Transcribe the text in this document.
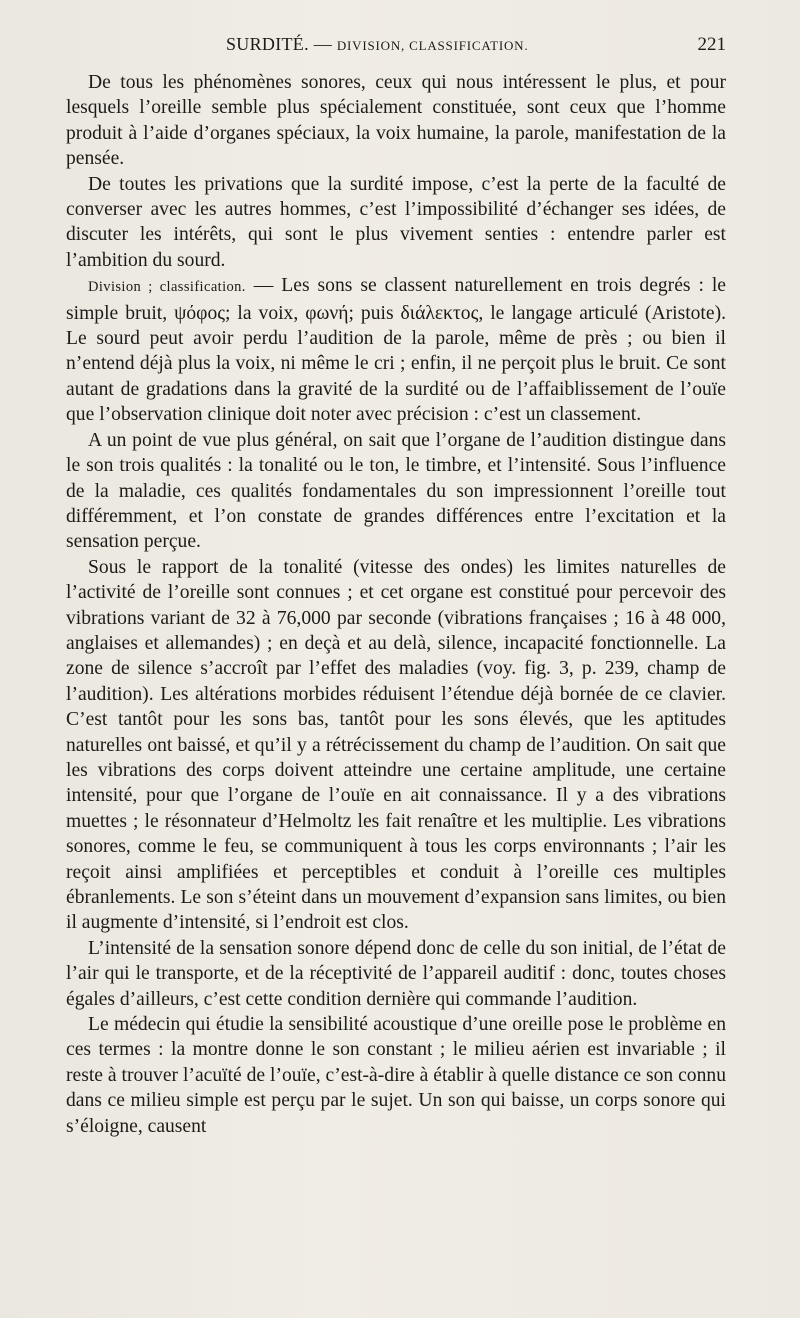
SURDITÉ. — DIVISION, CLASSIFICATION.	221

De tous les phénomènes sonores, ceux qui nous intéressent le plus, et pour lesquels l’oreille semble plus spécialement constituée, sont ceux que l’homme produit à l’aide d’organes spéciaux, la voix humaine, la parole, manifestation de la pensée.

De toutes les privations que la surdité impose, c’est la perte de la faculté de converser avec les autres hommes, c’est l’impossibilité d’échanger ses idées, de discuter les intérêts, qui sont le plus vivement senties : entendre parler est l’ambition du sourd.

Division ; classification. — Les sons se classent naturellement en trois degrés : le simple bruit, ψόφος; la voix, φωνή; puis διάλεκτος, le langage articulé (Aristote). Le sourd peut avoir perdu l’audition de la parole, même de près ; ou bien il n’entend déjà plus la voix, ni même le cri ; enfin, il ne perçoit plus le bruit. Ce sont autant de gradations dans la gravité de la surdité ou de l’affaiblissement de l’ouïe que l’observation clinique doit noter avec précision : c’est un classement.

A un point de vue plus général, on sait que l’organe de l’audition distingue dans le son trois qualités : la tonalité ou le ton, le timbre, et l’intensité. Sous l’influence de la maladie, ces qualités fondamentales du son impressionnent l’oreille tout différemment, et l’on constate de grandes différences entre l’excitation et la sensation perçue.

Sous le rapport de la tonalité (vitesse des ondes) les limites naturelles de l’activité de l’oreille sont connues ; et cet organe est constitué pour percevoir des vibrations variant de 32 à 76,000 par seconde (vibrations françaises ; 16 à 48 000, anglaises et allemandes) ; en deçà et au delà, silence, incapacité fonctionnelle. La zone de silence s’accroît par l’effet des maladies (voy. fig. 3, p. 239, champ de l’audition). Les altérations morbides réduisent l’étendue déjà bornée de ce clavier. C’est tantôt pour les sons bas, tantôt pour les sons élevés, que les aptitudes naturelles ont baissé, et qu’il y a rétrécissement du champ de l’audition. On sait que les vibrations des corps doivent atteindre une certaine amplitude, une certaine intensité, pour que l’organe de l’ouïe en ait connaissance. Il y a des vibrations muettes ; le résonnateur d’Helmoltz les fait renaître et les multiplie. Les vibrations sonores, comme le feu, se communiquent à tous les corps environnants ; l’air les reçoit ainsi amplifiées et perceptibles et conduit à l’oreille ces multiples ébranlements. Le son s’éteint dans un mouvement d’expansion sans limites, ou bien il augmente d’intensité, si l’endroit est clos.

L’intensité de la sensation sonore dépend donc de celle du son initial, de l’état de l’air qui le transporte, et de la réceptivité de l’appareil auditif : donc, toutes choses égales d’ailleurs, c’est cette condition dernière qui commande l’audition.

Le médecin qui étudie la sensibilité acoustique d’une oreille pose le problème en ces termes : la montre donne le son constant ; le milieu aérien est invariable ; il reste à trouver l’acuïté de l’ouïe, c’est-à-dire à établir à quelle distance ce son connu dans ce milieu simple est perçu par le sujet. Un son qui baisse, un corps sonore qui s’éloigne, causent
